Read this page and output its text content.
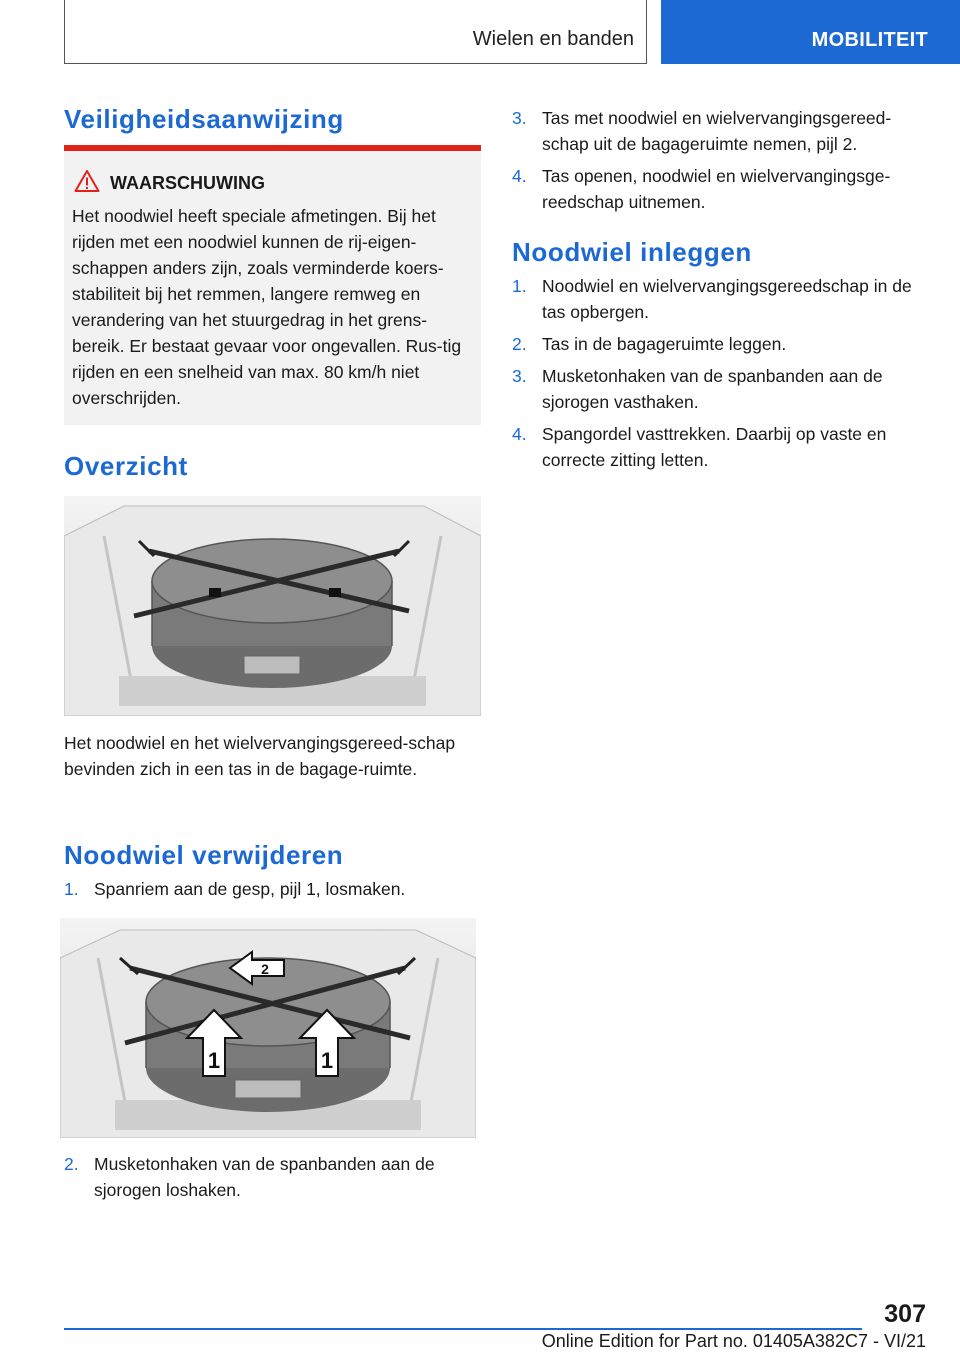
Wielen en banden	MOBILITEIT
Veiligheidsaanwijzing
WAARSCHUWING
Het noodwiel heeft speciale afmetingen. Bij het rijden met een noodwiel kunnen de rij-eigen-schappen anders zijn, zoals verminderde koers-stabiliteit bij het remmen, langere remweg en verandering van het stuurgedrag in het grens-bereik. Er bestaat gevaar voor ongevallen. Rus-tig rijden en een snelheid van max. 80 km/h niet overschrijden.
Overzicht
Het noodwiel en het wielvervangingsgereed-schap bevinden zich in een tas in de bagage-ruimte.
Noodwiel verwijderen
1. Spanriem aan de gesp, pijl 1, losmaken.
1	1
2
2. Musketonhaken van de spanbanden aan de sjorogen loshaken.
3. Tas met noodwiel en wielvervangingsgereed-schap uit de bagageruimte nemen, pijl 2.
4. Tas openen, noodwiel en wielvervangingsge-reedschap uitnemen.
Noodwiel inleggen
1. Noodwiel en wielvervangingsgereedschap in de tas opbergen.
2. Tas in de bagageruimte leggen.
3. Musketonhaken van de spanbanden aan de sjorogen vasthaken.
4. Spangordel vasttrekken. Daarbij op vaste en correcte zitting letten.
307
Online Edition for Part no. 01405A382C7 - VI/21
